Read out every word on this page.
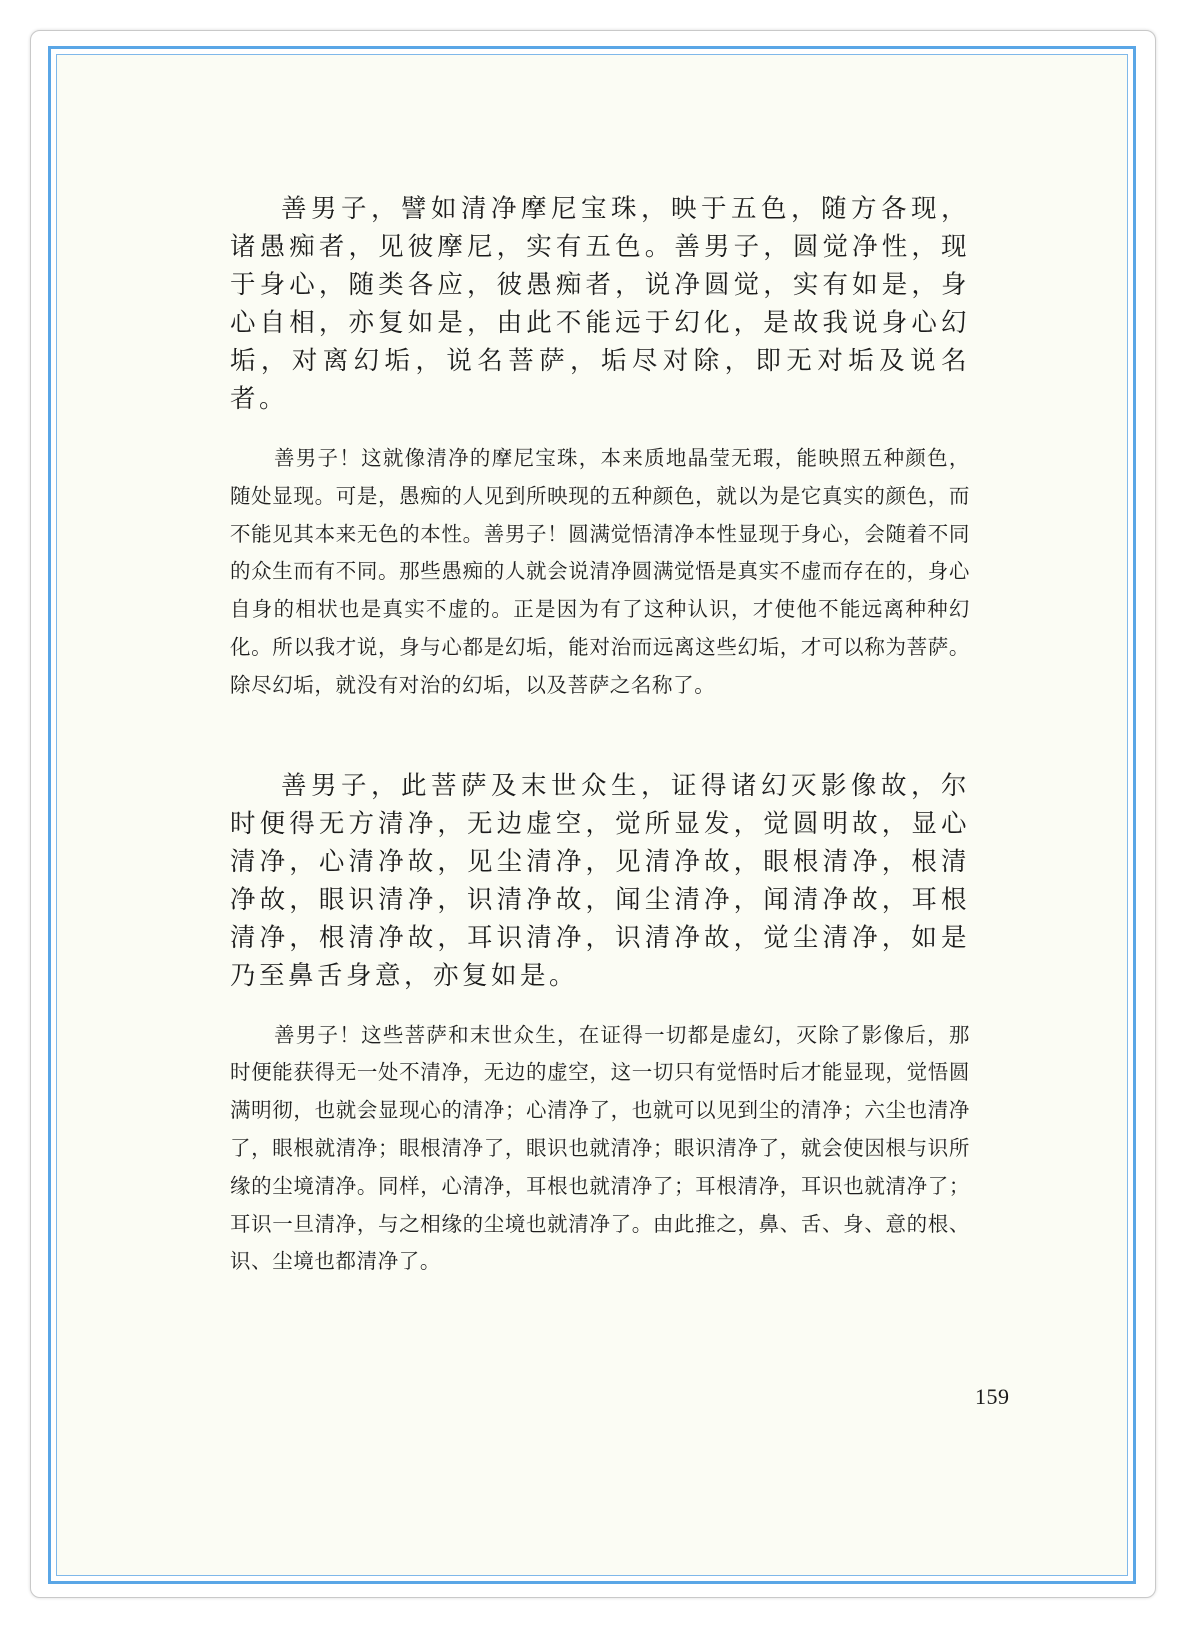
善男子，譬如清净摩尼宝珠，映于五色，随方各现，诸愚痴者，见彼摩尼，实有五色。善男子，圆觉净性，现于身心，随类各应，彼愚痴者，说净圆觉，实有如是，身心自相，亦复如是，由此不能远于幻化，是故我说身心幻垢，对离幻垢，说名菩萨，垢尽对除，即无对垢及说名者。

善男子！这就像清净的摩尼宝珠，本来质地晶莹无瑕，能映照五种颜色，随处显现。可是，愚痴的人见到所映现的五种颜色，就以为是它真实的颜色，而不能见其本来无色的本性。善男子！圆满觉悟清净本性显现于身心，会随着不同的众生而有不同。那些愚痴的人就会说清净圆满觉悟是真实不虚而存在的，身心自身的相状也是真实不虚的。正是因为有了这种认识，才使他不能远离种种幻化。所以我才说，身与心都是幻垢，能对治而远离这些幻垢，才可以称为菩萨。除尽幻垢，就没有对治的幻垢，以及菩萨之名称了。

善男子，此菩萨及末世众生，证得诸幻灭影像故，尔时便得无方清净，无边虚空，觉所显发，觉圆明故，显心清净，心清净故，见尘清净，见清净故，眼根清净，根清净故，眼识清净，识清净故，闻尘清净，闻清净故，耳根清净，根清净故，耳识清净，识清净故，觉尘清净，如是乃至鼻舌身意，亦复如是。

善男子！这些菩萨和末世众生，在证得一切都是虚幻，灭除了影像后，那时便能获得无一处不清净，无边的虚空，这一切只有觉悟时后才能显现，觉悟圆满明彻，也就会显现心的清净；心清净了，也就可以见到尘的清净；六尘也清净了，眼根就清净；眼根清净了，眼识也就清净；眼识清净了，就会使因根与识所缘的尘境清净。同样，心清净，耳根也就清净了；耳根清净，耳识也就清净了；耳识一旦清净，与之相缘的尘境也就清净了。由此推之，鼻、舌、身、意的根、识、尘境也都清净了。

159
